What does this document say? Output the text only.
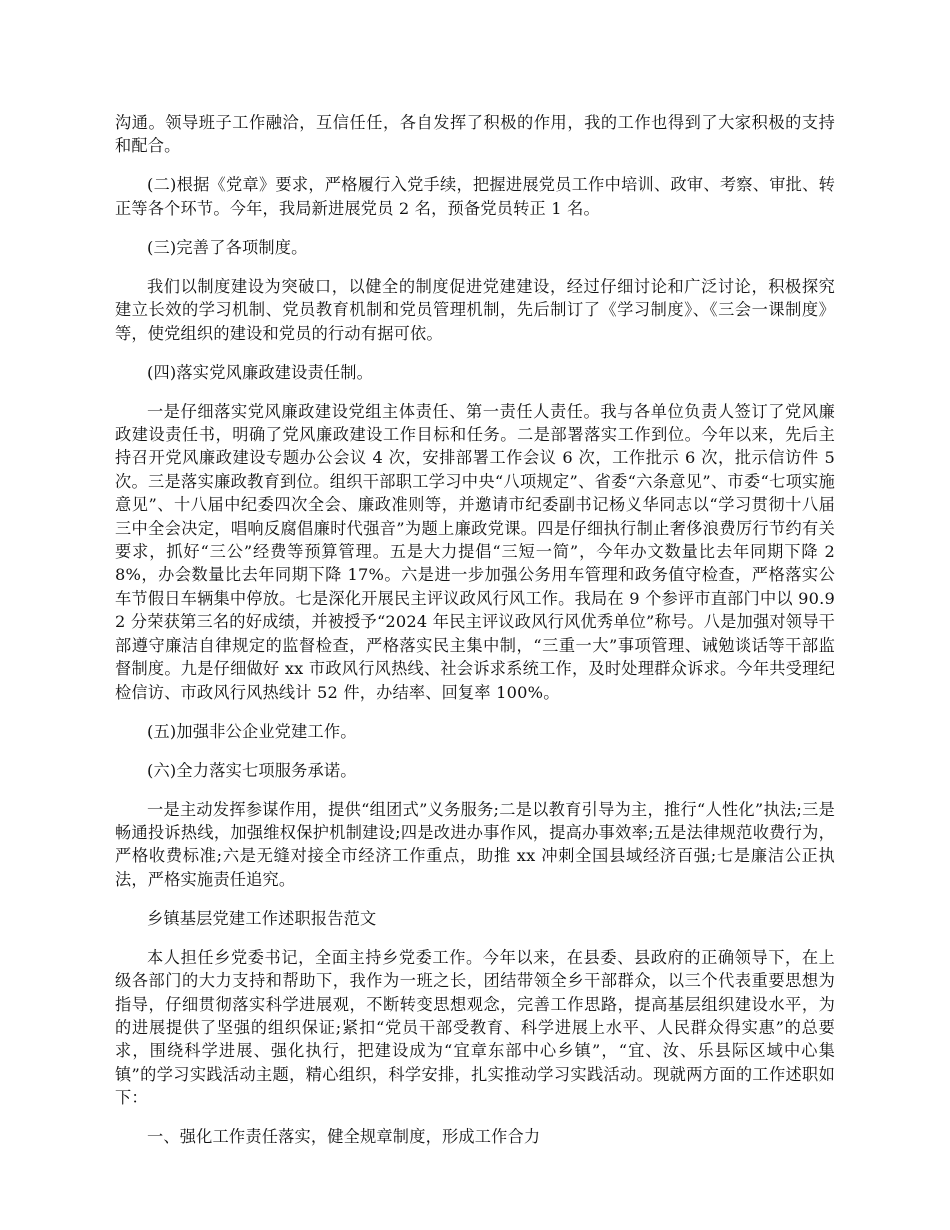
沟通。领导班子工作融洽，互信任任，各自发挥了积极的作用，我的工作也得到了大家积极的支持和配合。

(二)根据《党章》要求，严格履行入党手续，把握进展党员工作中培训、政审、考察、审批、转正等各个环节。今年，我局新进展党员 2 名，预备党员转正 1 名。

(三)完善了各项制度。

我们以制度建设为突破口，以健全的制度促进党建建设，经过仔细讨论和广泛讨论，积极探究建立长效的学习机制、党员教育机制和党员管理机制，先后制订了《学习制度》、《三会一课制度》等，使党组织的建设和党员的行动有据可依。

(四)落实党风廉政建设责任制。

一是仔细落实党风廉政建设党组主体责任、第一责任人责任。我与各单位负责人签订了党风廉政建设责任书，明确了党风廉政建设工作目标和任务。二是部署落实工作到位。今年以来，先后主持召开党风廉政建设专题办公会议 4 次，安排部署工作会议 6 次，工作批示 6 次，批示信访件 5 次。三是落实廉政教育到位。组织干部职工学习中央“八项规定”、省委“六条意见”、市委“七项实施意见”、十八届中纪委四次全会、廉政准则等，并邀请市纪委副书记杨义华同志以“学习贯彻十八届三中全会决定，唱响反腐倡廉时代强音”为题上廉政党课。四是仔细执行制止奢侈浪费厉行节约有关要求，抓好“三公”经费等预算管理。五是大力提倡“三短一简”，今年办文数量比去年同期下降 28%，办会数量比去年同期下降 17%。六是进一步加强公务用车管理和政务值守检查，严格落实公车节假日车辆集中停放。七是深化开展民主评议政风行风工作。我局在 9 个参评市直部门中以 90.92 分荣获第三名的好成绩，并被授予“2024 年民主评议政风行风优秀单位”称号。八是加强对领导干部遵守廉洁自律规定的监督检查，严格落实民主集中制，“三重一大”事项管理、诫勉谈话等干部监督制度。九是仔细做好 xx 市政风行风热线、社会诉求系统工作，及时处理群众诉求。今年共受理纪检信访、市政风行风热线计 52 件，办结率、回复率 100%。

(五)加强非公企业党建工作。

(六)全力落实七项服务承诺。

一是主动发挥参谋作用，提供“组团式”义务服务;二是以教育引导为主，推行“人性化”执法;三是畅通投诉热线，加强维权保护机制建设;四是改进办事作风，提高办事效率;五是法律规范收费行为，严格收费标准;六是无缝对接全市经济工作重点，助推 xx 冲刺全国县域经济百强;七是廉洁公正执法，严格实施责任追究。

乡镇基层党建工作述职报告范文

本人担任乡党委书记，全面主持乡党委工作。今年以来，在县委、县政府的正确领导下，在上级各部门的大力支持和帮助下，我作为一班之长，团结带领全乡干部群众，以三个代表重要思想为指导，仔细贯彻落实科学进展观，不断转变思想观念，完善工作思路，提高基层组织建设水平，为的进展提供了坚强的组织保证;紧扣“党员干部受教育、科学进展上水平、人民群众得实惠”的总要求，围绕科学进展、强化执行，把建设成为“宜章东部中心乡镇”，“宜、汝、乐县际区域中心集镇”的学习实践活动主题，精心组织，科学安排，扎实推动学习实践活动。现就两方面的工作述职如下：

一、强化工作责任落实，健全规章制度，形成工作合力
